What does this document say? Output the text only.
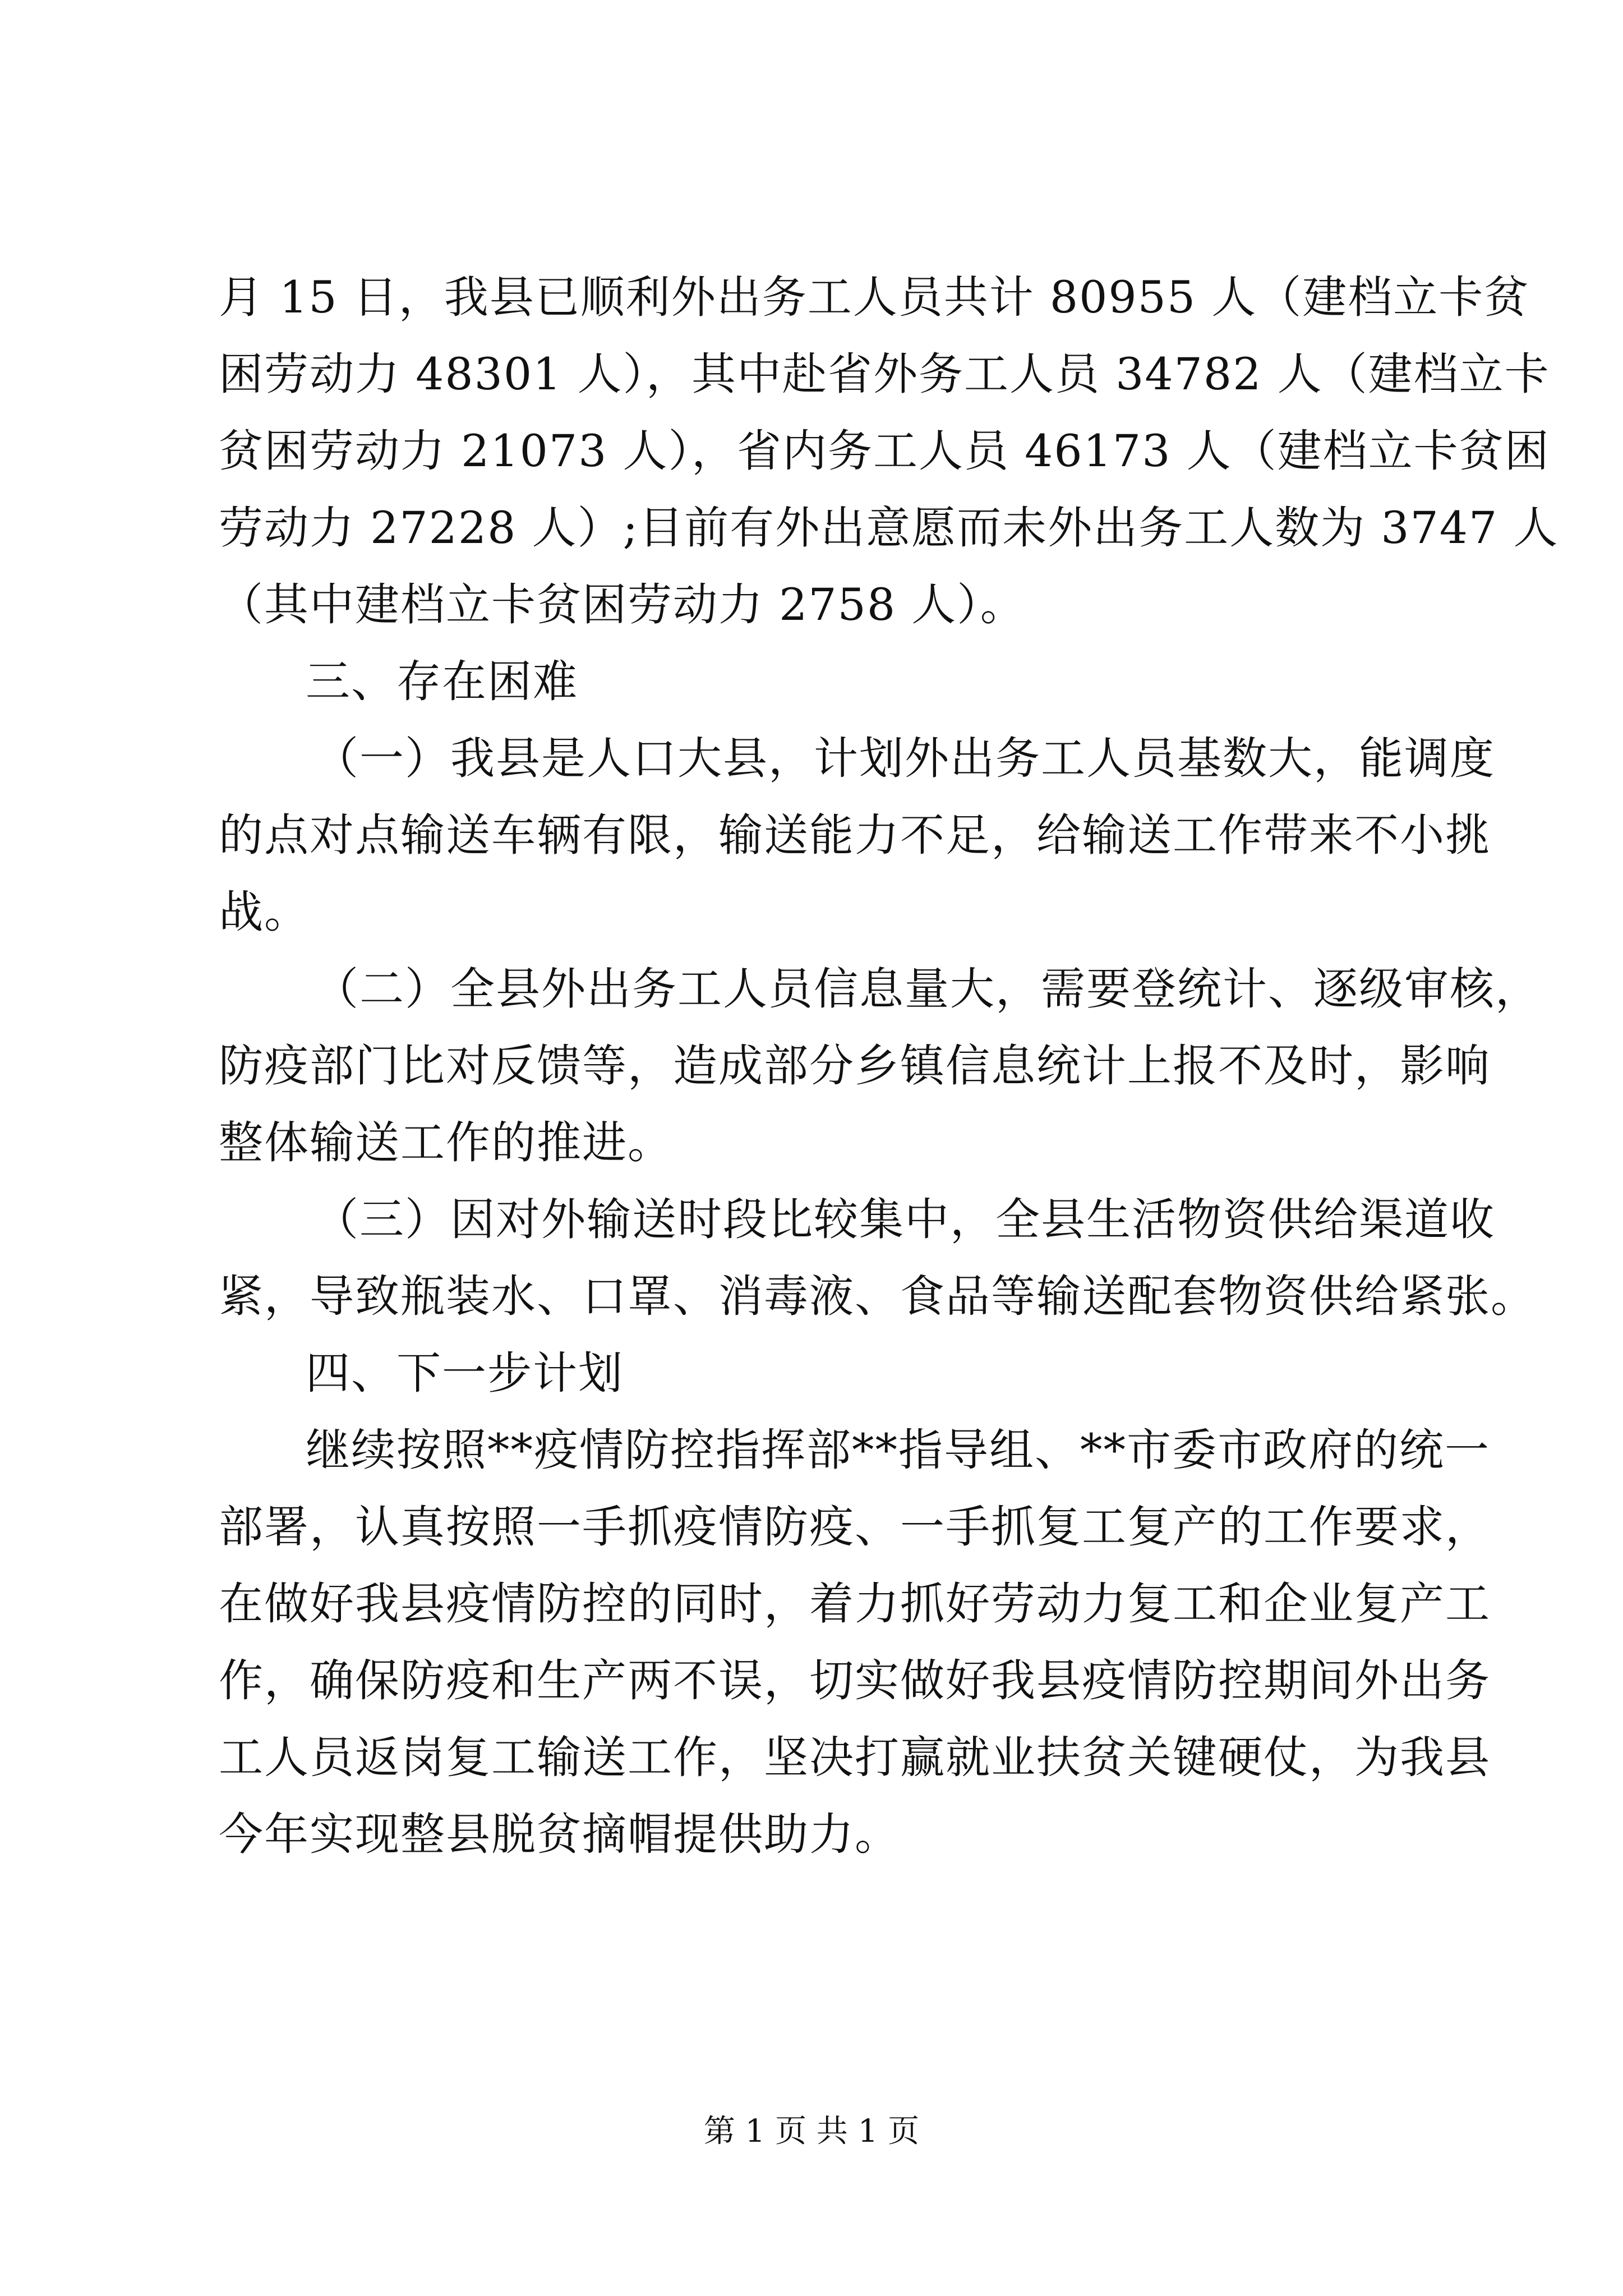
月 15 日，我县已顺利外出务工人员共计 80955 人（建档立卡贫
困劳动力 48301 人），其中赴省外务工人员 34782 人（建档立卡
贫困劳动力 21073 人），省内务工人员 46173 人（建档立卡贫困
劳动力 27228 人）;目前有外出意愿而未外出务工人数为 3747 人
（其中建档立卡贫困劳动力 2758 人）。
三、存在困难
（一）我县是人口大县，计划外出务工人员基数大，能调度
的点对点输送车辆有限，输送能力不足，给输送工作带来不小挑
战。
（二）全县外出务工人员信息量大，需要登统计、逐级审核，
防疫部门比对反馈等，造成部分乡镇信息统计上报不及时，影响
整体输送工作的推进。
（三）因对外输送时段比较集中，全县生活物资供给渠道收
紧，导致瓶装水、口罩、消毒液、食品等输送配套物资供给紧张。
四、下一步计划
继续按照**疫情防控指挥部**指导组、**市委市政府的统一
部署，认真按照一手抓疫情防疫、一手抓复工复产的工作要求，
在做好我县疫情防控的同时，着力抓好劳动力复工和企业复产工
作，确保防疫和生产两不误，切实做好我县疫情防控期间外出务
工人员返岗复工输送工作，坚决打赢就业扶贫关键硬仗，为我县
今年实现整县脱贫摘帽提供助力。
第 1 页 共 1 页
